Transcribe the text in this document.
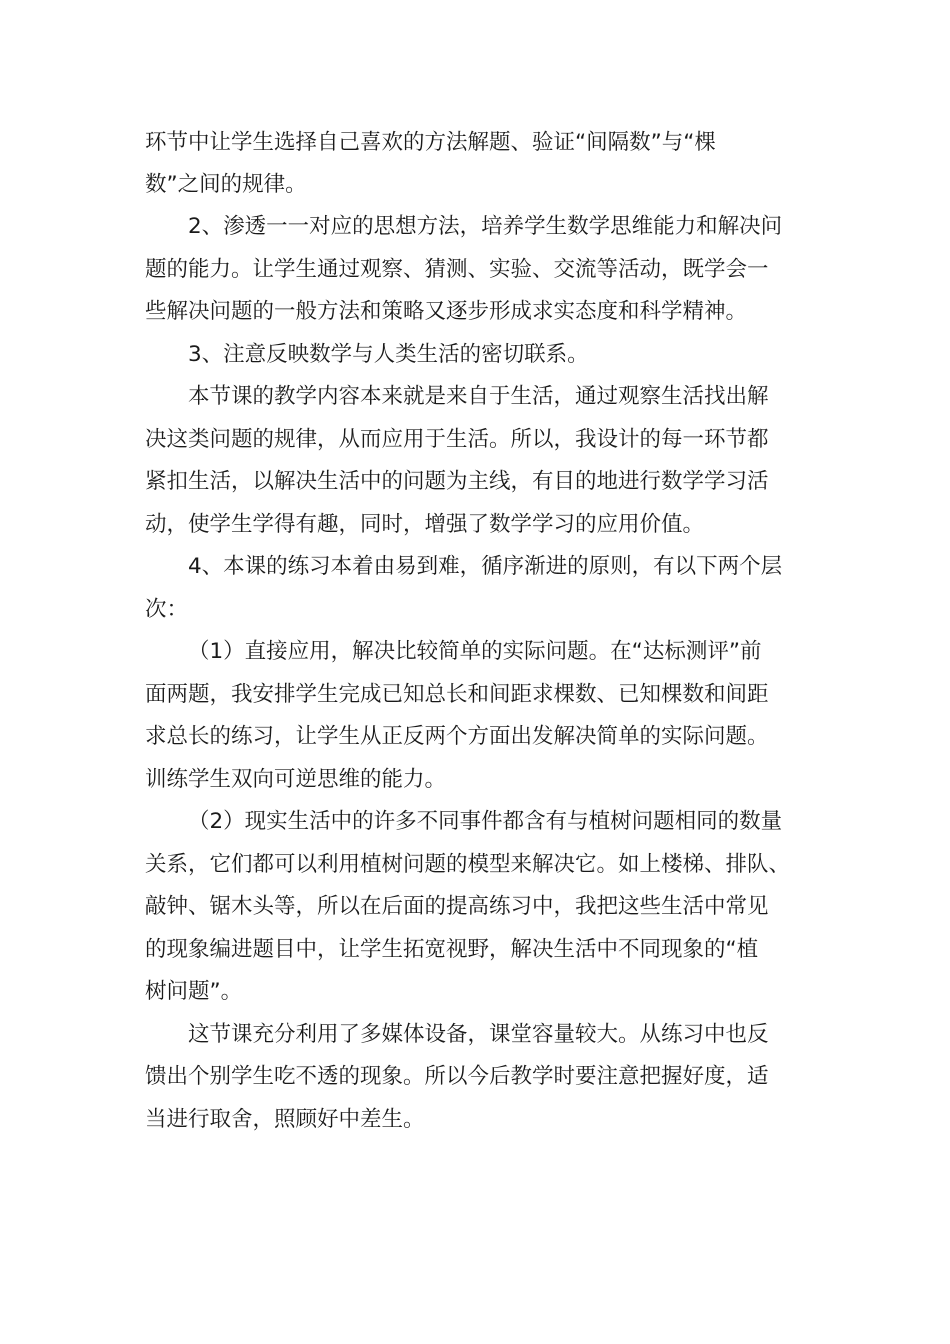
环节中让学生选择自己喜欢的方法解题、验证“间隔数”与“棵

数”之间的规律。

2、渗透一一对应的思想方法，培养学生数学思维能力和解决问

题的能力。让学生通过观察、猜测、实验、交流等活动，既学会一

些解决问题的一般方法和策略又逐步形成求实态度和科学精神。

3、注意反映数学与人类生活的密切联系。

本节课的教学内容本来就是来自于生活，通过观察生活找出解

决这类问题的规律，从而应用于生活。所以，我设计的每一环节都

紧扣生活，以解决生活中的问题为主线，有目的地进行数学学习活

动，使学生学得有趣，同时，增强了数学学习的应用价值。

4、本课的练习本着由易到难，循序渐进的原则，有以下两个层

次：

（1）直接应用，解决比较简单的实际问题。在“达标测评”前

面两题，我安排学生完成已知总长和间距求棵数、已知棵数和间距

求总长的练习，让学生从正反两个方面出发解决简单的实际问题。

训练学生双向可逆思维的能力。

（2）现实生活中的许多不同事件都含有与植树问题相同的数量

关系，它们都可以利用植树问题的模型来解决它。如上楼梯、排队、

敲钟、锯木头等，所以在后面的提高练习中，我把这些生活中常见

的现象编进题目中，让学生拓宽视野，解决生活中不同现象的“植

树问题”。

这节课充分利用了多媒体设备，课堂容量较大。从练习中也反

馈出个别学生吃不透的现象。所以今后教学时要注意把握好度，适

当进行取舍，照顾好中差生。
